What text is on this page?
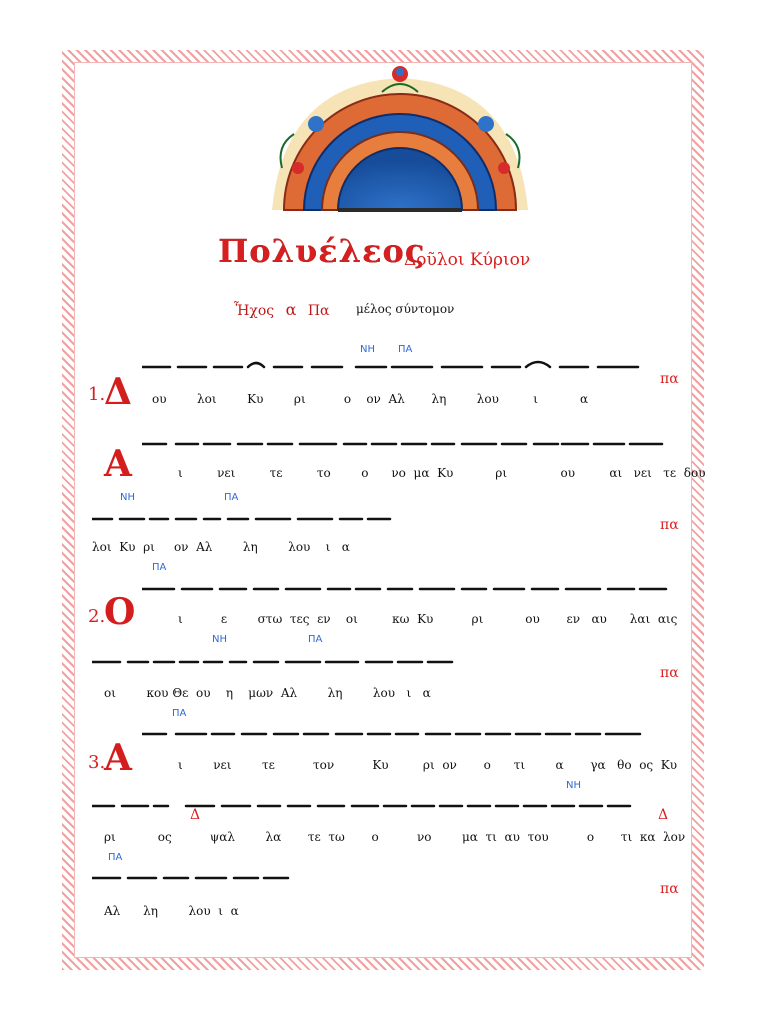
Πολυέλεος
Δοῦλοι Κύριον
Ἦχος α Πα μέλος σύντομον
1.
Δ
ΝΗ ΠΑ
ου	λοι	Κυ	ρι	ο ον Αλ λη	λου	ι	α
πα
Α	ι	νει	τε	το	ο νο μα Κυ	ρι	ου	αι νει τε δου
ΝΗ	ΠΑ
λοι Κυ ρι ον Αλ	λη	λου ι α
πα
ΠΑ
2.
Ο	ι	ε	στω τες εν οι	κω Κυ	ρι	ου εν αυ λαι αις
ΝΗ	ΠΑ
οι	κου Θε ου η μων Αλ	λη	λου ι α
πα
ΠΑ
3.
Α	ι	νει	τε	τον	Κυ	ρι ον ο τι	α γα θο ος Κυ
ΝΗ
Δ	Δ
ρι	ος	ψαλ	λα τε τω ο	νο	μα τι αυ του	ο τι κα λον
ΠΑ
Αλ λη	λου ι α
πα
